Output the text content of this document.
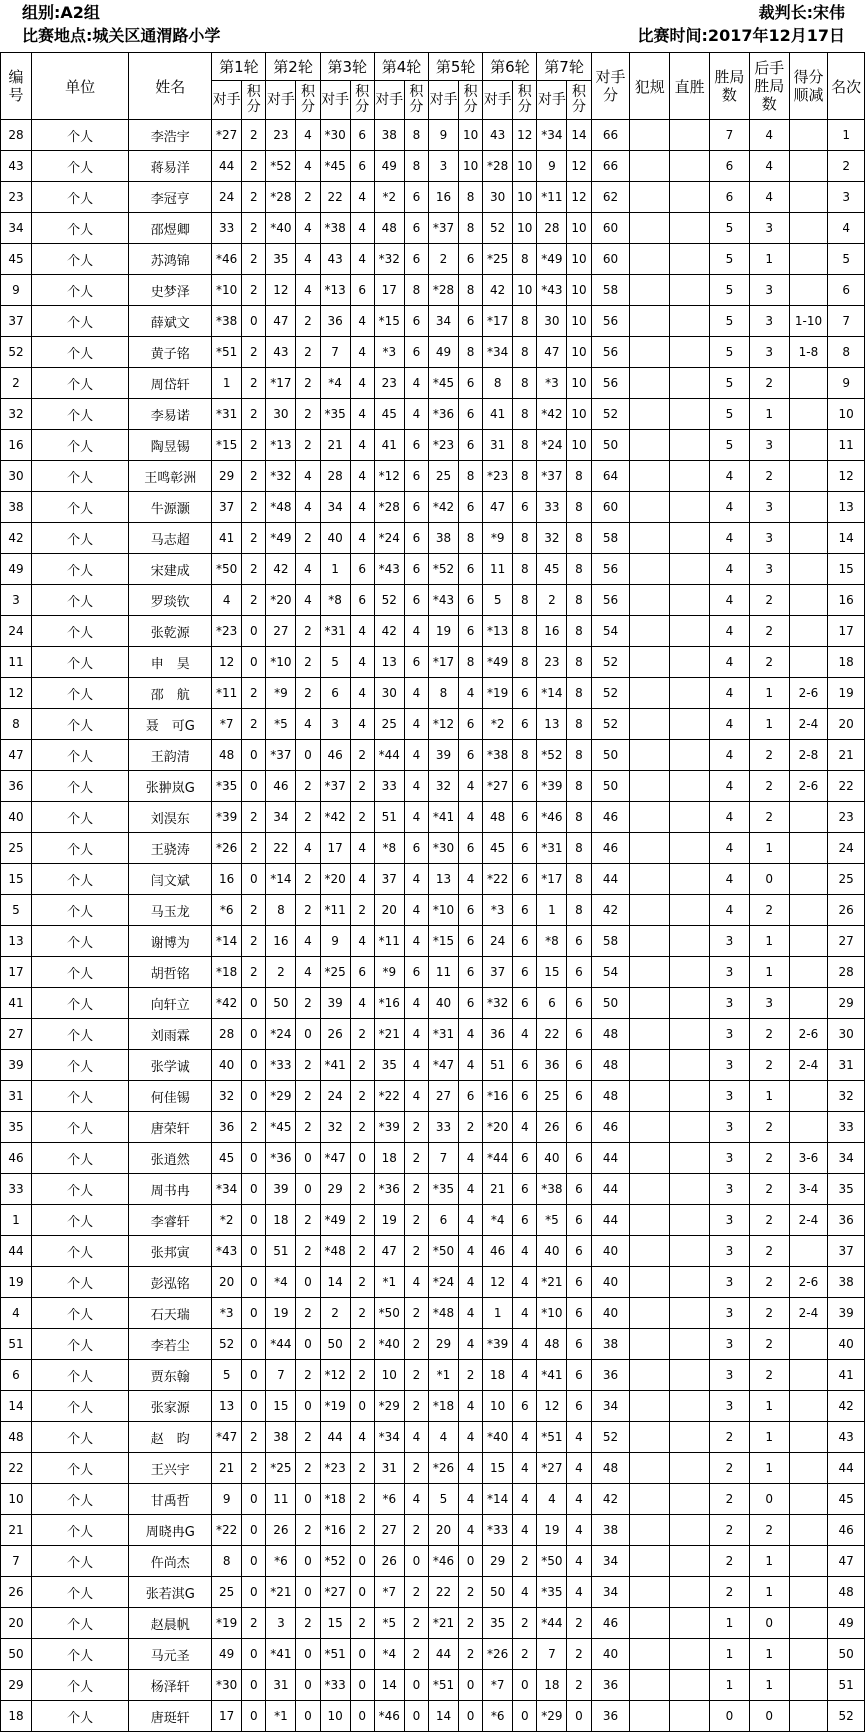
组别:A2组	裁判长:宋伟
比赛地点:城关区通渭路小学	比赛时间:2017年12月17日
编号	单位	姓名	第1轮		第2轮		第3轮		第4轮		第5轮		第6轮		第7轮		对手分	犯规	直胜	胜局数	后手胜局数	得分顺减	名次
			对手	积分	对手	积分	对手	积分	对手	积分	对手	积分	对手	积分	对手	积分							
28	个人	李浩宇	*27	2	23	4	*30	6	38	8	9	10	43	12	*34	14	66			7	4		1
43	个人	蒋易洋	44	2	*52	4	*45	6	49	8	3	10	*28	10	9	12	66			6	4		2
23	个人	李冠亨	24	2	*28	2	22	4	*2	6	16	8	30	10	*11	12	62			6	4		3
34	个人	邵煜卿	33	2	*40	4	*38	4	48	6	*37	8	52	10	28	10	60			5	3		4
45	个人	苏鸿锦	*46	2	35	4	43	4	*32	6	2	6	*25	8	*49	10	60			5	1		5
9	个人	史梦泽	*10	2	12	4	*13	6	17	8	*28	8	42	10	*43	10	58			5	3		6
37	个人	薛斌文	*38	0	47	2	36	4	*15	6	34	6	*17	8	30	10	56			5	3	1-10	7
52	个人	黄子铭	*51	2	43	2	7	4	*3	6	49	8	*34	8	47	10	56			5	3	1-8	8
2	个人	周岱轩	1	2	*17	2	*4	4	23	4	*45	6	8	8	*3	10	56			5	2		9
32	个人	李易诺	*31	2	30	2	*35	4	45	4	*36	6	41	8	*42	10	52			5	1		10
16	个人	陶昱锡	*15	2	*13	2	21	4	41	6	*23	6	31	8	*24	10	50			5	3		11
30	个人	王鸣彰洲	29	2	*32	4	28	4	*12	6	25	8	*23	8	*37	8	64			4	2		12
38	个人	牛源灏	37	2	*48	4	34	4	*28	6	*42	6	47	6	33	8	60			4	3		13
42	个人	马志超	41	2	*49	2	40	4	*24	6	38	8	*9	8	32	8	58			4	3		14
49	个人	宋建成	*50	2	42	4	1	6	*43	6	*52	6	11	8	45	8	56			4	3		15
3	个人	罗琰钦	4	2	*20	4	*8	6	52	6	*43	6	5	8	2	8	56			4	2		16
24	个人	张乾源	*23	0	27	2	*31	4	42	4	19	6	*13	8	16	8	54			4	2		17
11	个人	申　昊	12	0	*10	2	5	4	13	6	*17	8	*49	8	23	8	52			4	2		18
12	个人	邵　航	*11	2	*9	2	6	4	30	4	8	4	*19	6	*14	8	52			4	1	2-6	19
8	个人	聂　可G	*7	2	*5	4	3	4	25	4	*12	6	*2	6	13	8	52			4	1	2-4	20
47	个人	王韵清	48	0	*37	0	46	2	*44	4	39	6	*38	8	*52	8	50			4	2	2-8	21
36	个人	张翀岚G	*35	0	46	2	*37	2	33	4	32	4	*27	6	*39	8	50			4	2	2-6	22
40	个人	刘淏东	*39	2	34	2	*42	2	51	4	*41	4	48	6	*46	8	46			4	2		23
25	个人	王骁涛	*26	2	22	4	17	4	*8	6	*30	6	45	6	*31	8	46			4	1		24
15	个人	闫文斌	16	0	*14	2	*20	4	37	4	13	4	*22	6	*17	8	44			4	0		25
5	个人	马玉龙	*6	2	8	2	*11	2	20	4	*10	6	*3	6	1	8	42			4	2		26
13	个人	谢博为	*14	2	16	4	9	4	*11	4	*15	6	24	6	*8	6	58			3	1		27
17	个人	胡哲铭	*18	2	2	4	*25	6	*9	6	11	6	37	6	15	6	54			3	1		28
41	个人	向轩立	*42	0	50	2	39	4	*16	4	40	6	*32	6	6	6	50			3	3		29
27	个人	刘雨霖	28	0	*24	0	26	2	*21	4	*31	4	36	4	22	6	48			3	2	2-6	30
39	个人	张学诚	40	0	*33	2	*41	2	35	4	*47	4	51	6	36	6	48			3	2	2-4	31
31	个人	何佳锡	32	0	*29	2	24	2	*22	4	27	6	*16	6	25	6	48			3	1		32
35	个人	唐荣轩	36	2	*45	2	32	2	*39	2	33	2	*20	4	26	6	46			3	2		33
46	个人	张逍然	45	0	*36	0	*47	0	18	2	7	4	*44	6	40	6	44			3	2	3-6	34
33	个人	周书冉	*34	0	39	0	29	2	*36	2	*35	4	21	6	*38	6	44			3	2	3-4	35
1	个人	李睿轩	*2	0	18	2	*49	2	19	2	6	4	*4	6	*5	6	44			3	2	2-4	36
44	个人	张邦寅	*43	0	51	2	*48	2	47	2	*50	4	46	4	40	6	40			3	2		37
19	个人	彭泓铭	20	0	*4	0	14	2	*1	4	*24	4	12	4	*21	6	40			3	2	2-6	38
4	个人	石天瑞	*3	0	19	2	2	2	*50	2	*48	4	1	4	*10	6	40			3	2	2-4	39
51	个人	李若尘	52	0	*44	0	50	2	*40	2	29	4	*39	4	48	6	38			3	2		40
6	个人	贾东翰	5	0	7	2	*12	2	10	2	*1	2	18	4	*41	6	36			3	2		41
14	个人	张家源	13	0	15	0	*19	0	*29	2	*18	4	10	6	12	6	34			3	1		42
48	个人	赵　昀	*47	2	38	2	44	4	*34	4	4	4	*40	4	*51	4	52			2	1		43
22	个人	王兴宇	21	2	*25	2	*23	2	31	2	*26	4	15	4	*27	4	48			2	1		44
10	个人	甘禹哲	9	0	11	0	*18	2	*6	4	5	4	*14	4	4	4	42			2	0		45
21	个人	周晓冉G	*22	0	26	2	*16	2	27	2	20	4	*33	4	19	4	38			2	2		46
7	个人	仵尚杰	8	0	*6	0	*52	0	26	0	*46	0	29	2	*50	4	34			2	1		47
26	个人	张若淇G	25	0	*21	0	*27	0	*7	2	22	2	50	4	*35	4	34			2	1		48
20	个人	赵晨帆	*19	2	3	2	15	2	*5	2	*21	2	35	2	*44	2	46			1	0		49
50	个人	马元圣	49	0	*41	0	*51	0	*4	2	44	2	*26	2	7	2	40			1	1		50
29	个人	杨泽轩	*30	0	31	0	*33	0	14	0	*51	0	*7	0	18	2	36			1	1		51
18	个人	唐珽轩	17	0	*1	0	10	0	*46	0	14	0	*6	0	*29	0	36			0	0		52
